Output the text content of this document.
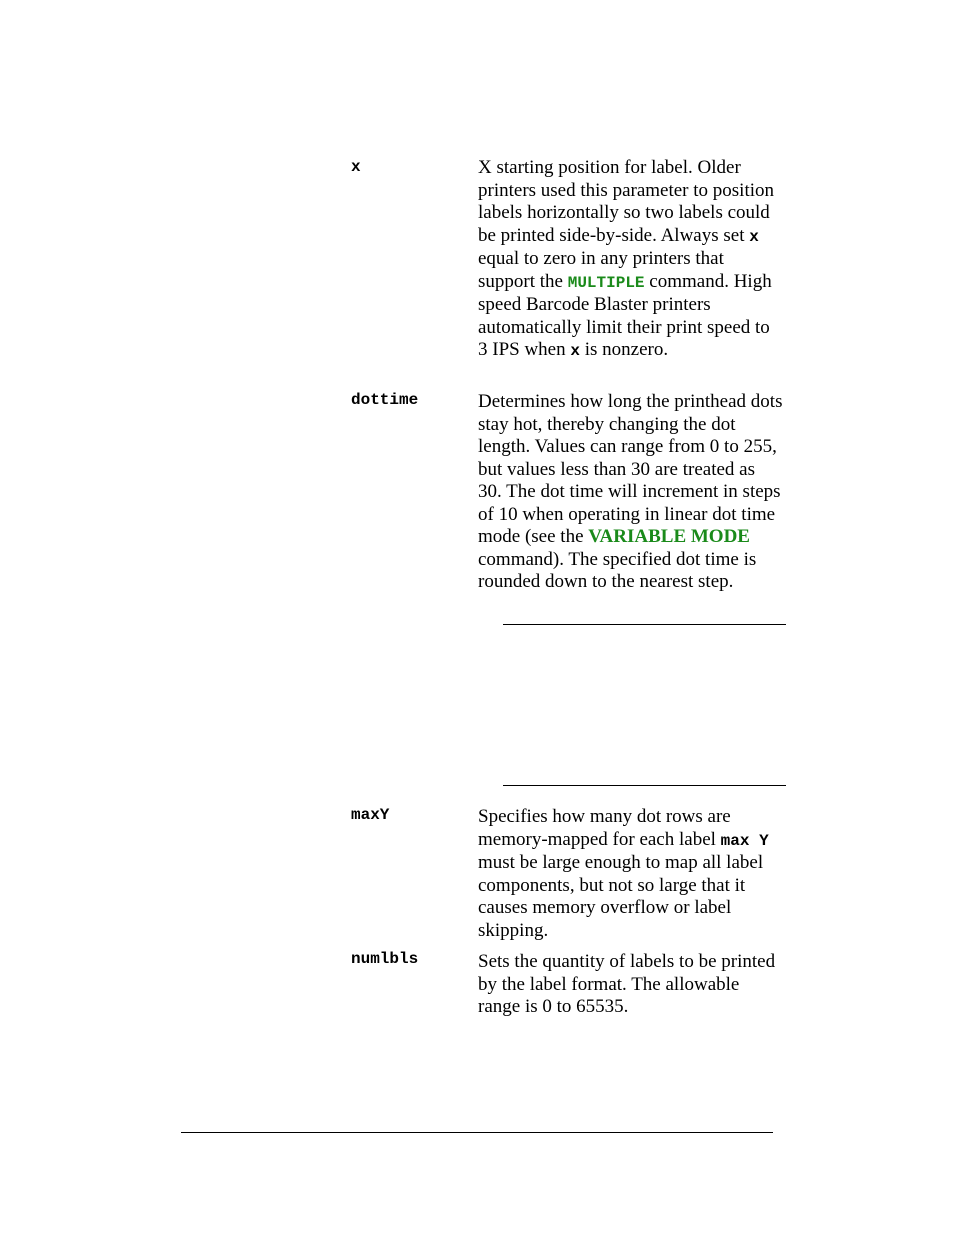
x	X starting position for label. Older printers used this parameter to position labels horizontally so two labels could be printed side-by-side. Always set x equal to zero in any printers that support the MULTIPLE command. High speed Barcode Blaster printers automatically limit their print speed to 3 IPS when x is nonzero.
dottime	Determines how long the printhead dots stay hot, thereby changing the dot length. Values can range from 0 to 255, but values less than 30 are treated as 30. The dot time will increment in steps of 10 when operating in linear dot time mode (see the VARIABLE MODE command). The specified dot time is rounded down to the nearest step.
maxY	Specifies how many dot rows are memory-mapped for each label max Y must be large enough to map all label components, but not so large that it causes memory overflow or label skipping.
numlbls	Sets the quantity of labels to be printed by the label format. The allowable range is 0 to 65535.
